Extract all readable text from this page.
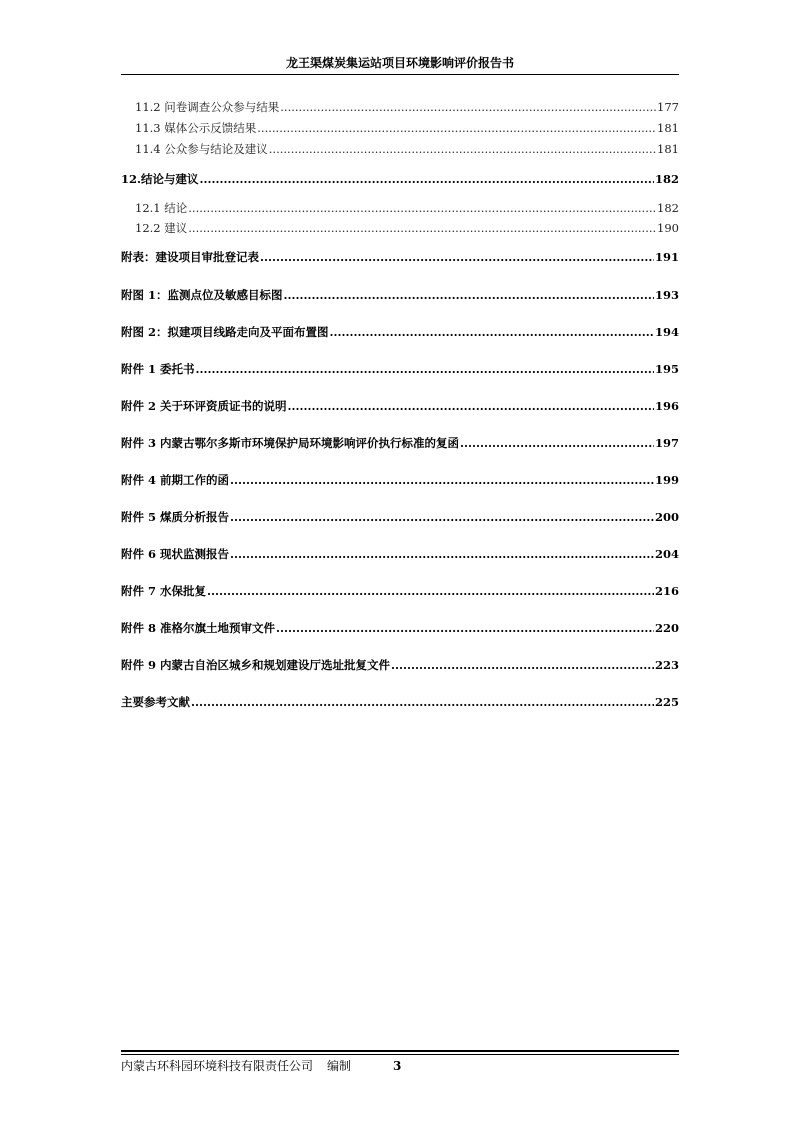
龙王渠煤炭集运站项目环境影响评价报告书
11.2 问卷调查公众参与结果 .....	177
11.3 媒体公示反馈结果 .....	181
11.4 公众参与结论及建议 .....	181
12.结论与建议 .....	182
12.1 结论 .....	182
12.2 建议 .....	190
附表：建设项目审批登记表 .....	191
附图 1：监测点位及敏感目标图 .....	193
附图 2：拟建项目线路走向及平面布置图 .....	194
附件 1 委托书 .....	195
附件 2 关于环评资质证书的说明 .....	196
附件 3 内蒙古鄂尔多斯市环境保护局环境影响评价执行标准的复函 .....	197
附件 4 前期工作的函 .....	199
附件 5 煤质分析报告 .....	200
附件 6 现状监测报告 .....	204
附件 7 水保批复 .....	216
附件 8 准格尔旗土地预审文件 .....	220
附件 9 内蒙古自治区城乡和规划建设厅选址批复文件 .....	223
主要参考文献 .....	225
内蒙古环科园环境科技有限责任公司 编制	3
